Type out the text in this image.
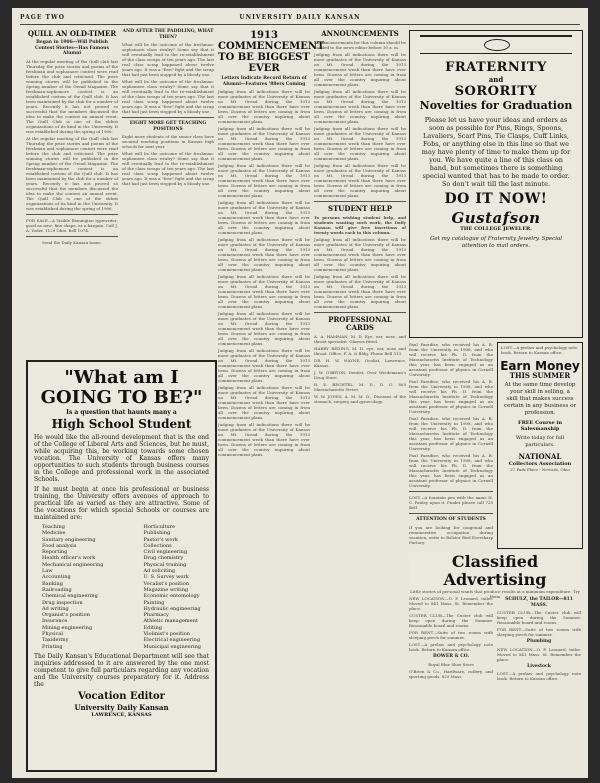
PAGE TWO	UNIVERSITY DAILY KANSAN
QUILL AN OLD-TIMER
Began in 1906—Will Publish Contest Stories—Has Famous Alumni

At the regular meeting of the Quill club last Thursday the prize stories and poems of the freshman and sophomore contest were read before the club and criticised. The prize winning stories will be published in the Spring number of the Oread Magazine. The freshman-sophomore contest is an established custom of the Quill club. It has been maintained by the club for a number of years. Recently it has not proved so successful that the members discussed the idea to make the contest an annual event. The Quill Club is one of the oldest organizations of its kind in the University. It was established during the spring of 1906.

At the regular meeting of the Quill club last Thursday the prize stories and poems of the freshman and sophomore contest were read before the club and criticised. The prize winning stories will be published in the Spring number of the Oread Magazine. The freshman-sophomore contest is an established custom of the Quill club. It has been maintained by the club for a number of years. Recently it has not proved so successful that the members discussed the idea to make the contest an annual event. The Quill Club is one of the oldest organizations of its kind in the University. It was established during the spring of 1906.

FOR SALE—A Visible Remington typewriter; good as new; fine shape, at a bargain. Call J. A. Yoder, 1129 Ohio. Bell 1074.

Send the Daily Kansan home.

AND AFTER THE PADDLING, WHAT THEN?

What will be the outcome of the freshman-sophomore class rivalry? Some say that it will eventually lead to the re-establishment of the class scraps of ten years ago. The last real class scrap happened about twelve years ago. It was a "free" fight and the scrap that had just been stopped by a bloody one.

What will be the outcome of the freshman-sophomore class rivalry? Some say that it will eventually lead to the re-establishment of the class scraps of ten years ago. The last real class scrap happened about twelve years ago. It was a "free" fight and the scrap that had just been stopped by a bloody one.

EIGHT MORE GET TEACHING POSITIONS

Eight more students of the senior class have secured teaching positions in Kansas high schools for next year.

What will be the outcome of the freshman-sophomore class rivalry? Some say that it will eventually lead to the re-establishment of the class scraps of ten years ago. The last real class scrap happened about twelve years ago. It was a "free" fight and the scrap that had just been stopped by a bloody one.

1913 COMMENCEMENT TO BE BIGGEST EVER
Letters Indicate Record Return of Alumni—Features '88ers Coming

Judging from all indications there will be more graduates of the University of Kansas on Mt. Oread during the 1913 commencement week than there have ever been. Dozens of letters are coming in from all over the country inquiring about commencement plans.

Judging from all indications there will be more graduates of the University of Kansas on Mt. Oread during the 1913 commencement week than there have ever been. Dozens of letters are coming in from all over the country inquiring about commencement plans.

Judging from all indications there will be more graduates of the University of Kansas on Mt. Oread during the 1913 commencement week than there have ever been. Dozens of letters are coming in from all over the country inquiring about commencement plans.

Judging from all indications there will be more graduates of the University of Kansas on Mt. Oread during the 1913 commencement week than there have ever been. Dozens of letters are coming in from all over the country inquiring about commencement plans.

Judging from all indications there will be more graduates of the University of Kansas on Mt. Oread during the 1913 commencement week than there have ever been. Dozens of letters are coming in from all over the country inquiring about commencement plans.

Judging from all indications there will be more graduates of the University of Kansas on Mt. Oread during the 1913 commencement week than there have ever been. Dozens of letters are coming in from all over the country inquiring about commencement plans.

Judging from all indications there will be more graduates of the University of Kansas on Mt. Oread during the 1913 commencement week than there have ever been. Dozens of letters are coming in from all over the country inquiring about commencement plans.

Judging from all indications there will be more graduates of the University of Kansas on Mt. Oread during the 1913 commencement week than there have ever been. Dozens of letters are coming in from all over the country inquiring about commencement plans.

Judging from all indications there will be more graduates of the University of Kansas on Mt. Oread during the 1913 commencement week than there have ever been. Dozens of letters are coming in from all over the country inquiring about commencement plans.

Judging from all indications there will be more graduates of the University of Kansas on Mt. Oread during the 1913 commencement week than there have ever been. Dozens of letters are coming in from all over the country inquiring about commencement plans.

ANNOUNCEMENTS

All announcements for this column should be handed to the news editor before 10 a. m.

Judging from all indications there will be more graduates of the University of Kansas on Mt. Oread during the 1913 commencement week than there have ever been. Dozens of letters are coming in from all over the country inquiring about commencement plans.

Judging from all indications there will be more graduates of the University of Kansas on Mt. Oread during the 1913 commencement week than there have ever been. Dozens of letters are coming in from all over the country inquiring about commencement plans.

Judging from all indications there will be more graduates of the University of Kansas on Mt. Oread during the 1913 commencement week than there have ever been. Dozens of letters are coming in from all over the country inquiring about commencement plans.

Judging from all indications there will be more graduates of the University of Kansas on Mt. Oread during the 1913 commencement week than there have ever been. Dozens of letters are coming in from all over the country inquiring about commencement plans.

STUDENT HELP

To persons wishing student help, and students wanting such work, the Daily Kansan will give free insertions of twenty words each in this column.

Judging from all indications there will be more graduates of the University of Kansas on Mt. Oread during the 1913 commencement week than there have ever been. Dozens of letters are coming in from all over the country inquiring about commencement plans.

Judging from all indications there will be more graduates of the University of Kansas on Mt. Oread during the 1913 commencement week than there have ever been. Dozens of letters are coming in from all over the country inquiring about commencement plans.

PROFESSIONAL CARDS

A. A. HAMMAN, M. D. Eye, ear, nose, and throat specialist. Glasses fitted.

HARRY REDING, M. D. eye, ear, nose and throat. Office, F. A. & Bldg. Phone Bell 313.

DR. H. W. HAYNE, Oculist, Lawrence, Kansas.

J. W. O'BRYON, Dentist. Over Wiedemann's Drug Store.

R. E. BECHTEL, M. D., D. O. 803 Massachusetts Street.

W. W. JONES, A. M. M. D., Diseases of the stomach, surgery and gynecology.

FRATERNITY
and
SORORITY
Novelties for Graduation

Please let us have your ideas and orders as soon as possible for Pins, Rings, Spoons, Lavaliers, Scarf Pins, Tie Clasps, Cuff Links, Fobs, or anything else in this line so that we may have plenty of time to make them up for you. We have quite a line of this class on hand, but sometimes there is something special wanted that has to be made to order. So don't wait till the last minute.

DO IT NOW!
Gustafson
THE COLLEGE JEWELER.

Get my catalogue of Fraternity Jewelry. Special attention to mail orders.

Paul Paradise, who received his A. B. from the University in 1908, and who will receive his Ph. D. from the Massachusetts Institute of Technology this year, has been engaged as an assistant professor of physics in Cornell University.

Paul Paradise, who received his A. B. from the University in 1908, and who will receive his Ph. D. from the Massachusetts Institute of Technology this year, has been engaged as an assistant professor of physics in Cornell University.

Paul Paradise, who received his A. B. from the University in 1908, and who will receive his Ph. D. from the Massachusetts Institute of Technology this year, has been engaged as an assistant professor of physics in Cornell University.

Paul Paradise, who received his A. B. from the University in 1908, and who will receive his Ph. D. from the Massachusetts Institute of Technology this year, has been engaged as an assistant professor of physics in Cornell University.

LOST—A fountain pen with the name H. C. Pauley upon it. Finder please call 725 Bell.

ATTENTION OF STUDENTS

If you are looking for congenial and remunerative occupation during vacation, write to Bolster Bird Eversharp Factory.

LOST—A prelaw and psychology note book. Return to Kansan office.
Earn Money
THIS SUMMER

At the same time develop your skill in selling, a skill that makes success certain in any business or profession.

FREE Course in Salesmanship

Write today for full particulars.

NATIONAL
Collectors Association
37 Park Place - Newark, Ohio
Classified Advertising
Little stories of personal wants that produce results at a minimum expenditure. Try them

NEW LOCATION—O. P. Leonard, tailor. Moved to 841 Mass. St. Remember the place.

CUSTER CLUB—The Custer club will keep open during the Summer. Reasonable board and rooms.

FOR RENT—Suite of two rooms with sleeping porch for summer.

LOST—A prelaw and psychology note book. Return to Kansan office.

BOWER & CO.

Royal Blue Shoe Store

O'Brien & Co., Hardware, cutlery, and sporting goods. 829 Mass.

SCHULZ, the TAILOR—811 MASS.

CUSTER CLUB—The Custer club will keep open during the Summer. Reasonable board and rooms.

FOR RENT—Suite of two rooms with sleeping porch for summer.

Plumbing

NEW LOCATION—O. P. Leonard, tailor. Moved to 841 Mass. St. Remember the place.

Livestock

LOST—A prelaw and psychology note book. Return to Kansan office.

"What am I
GOING TO BE?"
Is a question that haunts many a
High School Student

He would like the all-round development that is the end of the College of Liberal Arts and Sciences, but he must, while acquiring this, be working towards some chosen vocation. The University of Kansas offers many opportunities to such students through business courses in the College and professional work in the associated Schools.

If he must begin at once his professional or business training, the University offers avenues of approach to practical life as varied as they are attractive. Some of the vocations for which special Schools or courses are maintained are:

Teaching
Medicine
Sanitary engineering
Food analysis
Reporting
Health officer's work
Mechanical engineering
Law
Accounting
Banking
Railroading
Chemical engineering
Drug inspection
Ad writing
Organist's position
Insurance
Mining engineering
Physical
Taxidermy
Printing
Horticulture
Publishing
Pastor's work
Collections
Civil engineering
Drug chemistry
Physical training
Ad soliciting
U. S. Survey work
Vocalist's position
Magazine writing
Economic entomology
Painting
Hydraulic engineering
Pharmacy
Athletic management
Editing
Violinist's position
Electrical engineering
Municipal engineering

The Daily Kansan's Educational Department will see that inquiries addressed to it are answered by the one most competent to give full particulars regarding any vocation and the University courses preparatory for it. Address the

Vocation Editor
University Daily Kansan
LAWRENCE, KANSAS
